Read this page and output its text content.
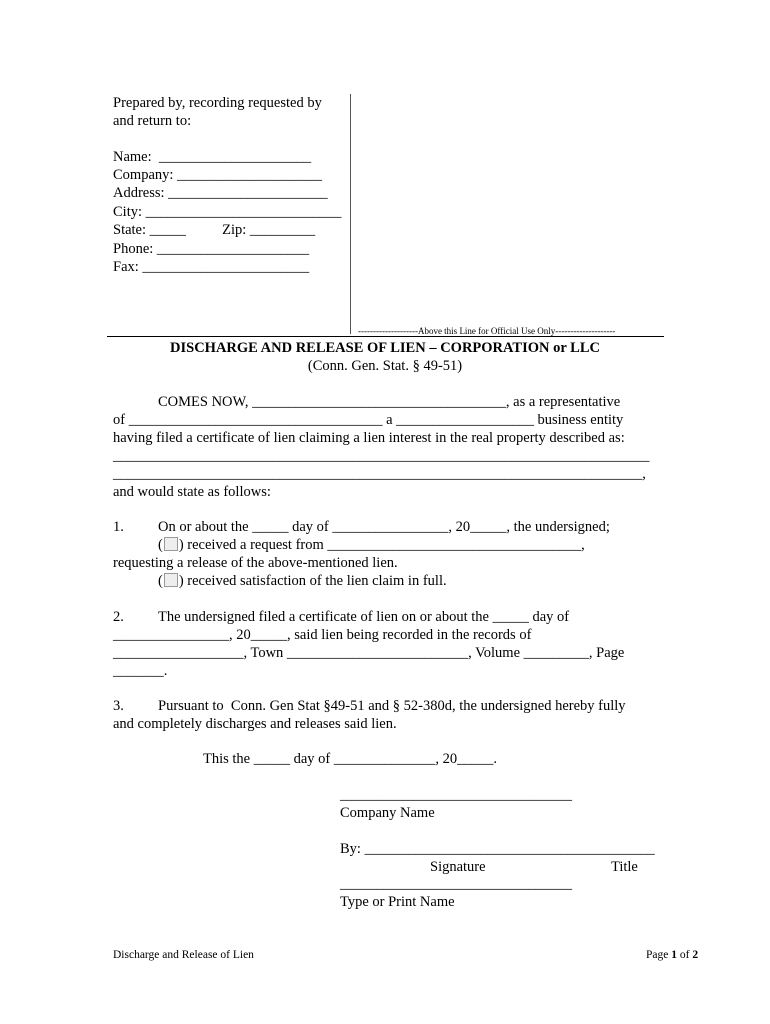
Prepared by, recording requested by
and return to:
Name:  _____________________
Company: ____________________
Address: ______________________
City: ___________________________
State: _____          Zip: _________
Phone: _____________________
Fax: _______________________
--------------------Above this Line for Official Use Only--------------------
DISCHARGE AND RELEASE OF LIEN – CORPORATION or LLC
(Conn. Gen. Stat. § 49-51)
COMES NOW, ___________________________________, as a representative
of ___________________________________ a ___________________ business entity
having filed a certificate of lien claiming a lien interest in the real property described as:
__________________________________________________________________________
_________________________________________________________________________,
and would state as follows:
1. On or about the _____ day of ________________, 20_____, the undersigned;
( ) received a request from ___________________________________,
requesting a release of the above-mentioned lien.
( ) received satisfaction of the lien claim in full.
2. The undersigned filed a certificate of lien on or about the _____ day of
________________, 20_____, said lien being recorded in the records of
__________________, Town _________________________, Volume _________, Page
_______.
3. Pursuant to  Conn. Gen Stat §49-51 and § 52-380d, the undersigned hereby fully
and completely discharges and releases said lien.
This the _____ day of ______________, 20_____.
________________________________
Company Name
By: ________________________________________
Signature	Title
________________________________
Type or Print Name
Discharge and Release of Lien	Page 1 of 2
